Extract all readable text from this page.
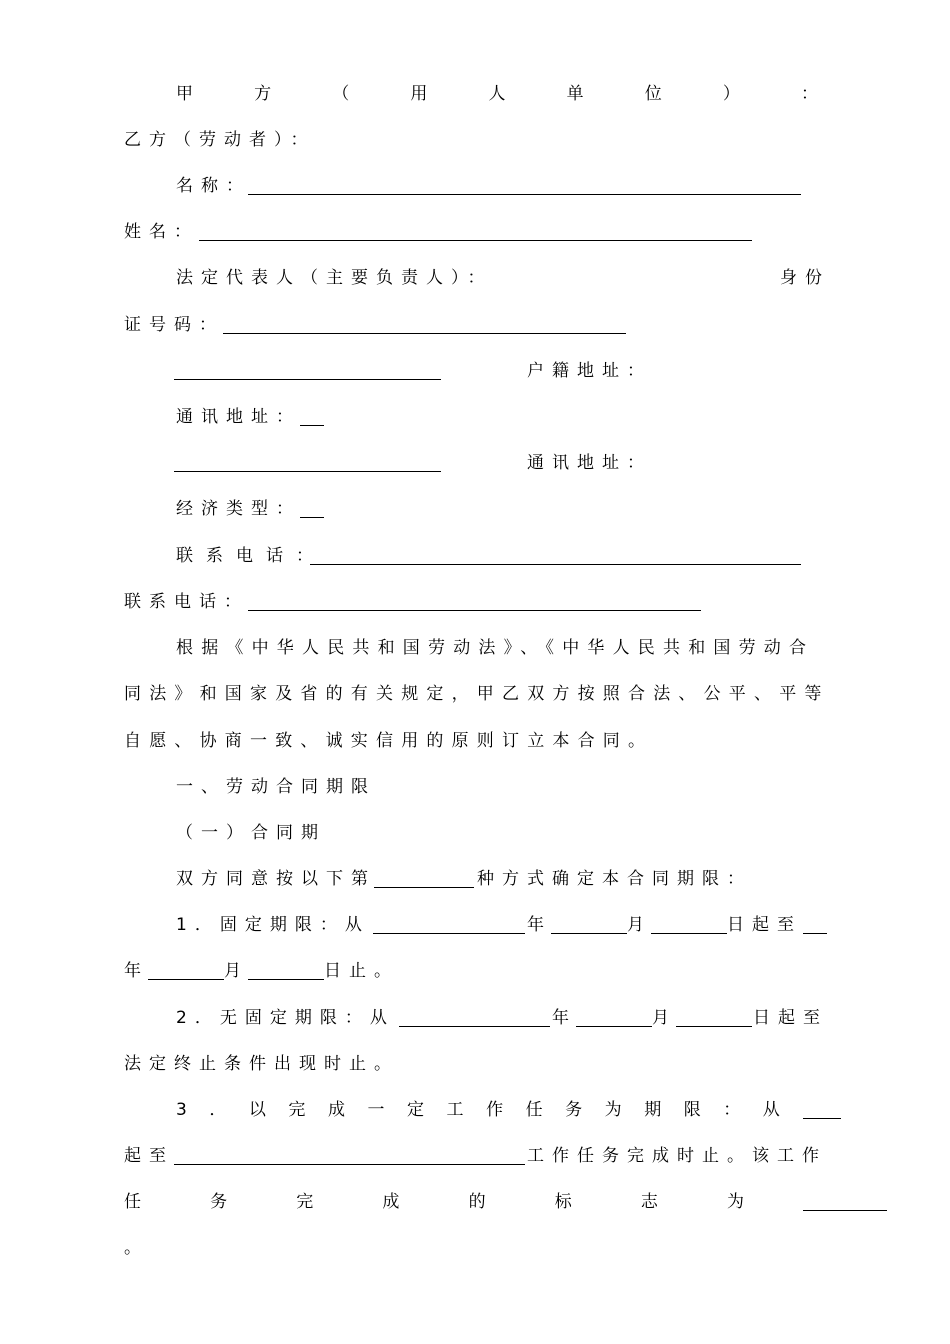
甲	方	（	用	人	单	位	）	：
乙方（劳动者）：
名称：
姓名：
法定代表人（主要负责人）：	身份
证号码：
户籍地址：
通讯地址：
通讯地址：
经济类型：
联系电话：
联系电话：
根据《中华人民共和国劳动法》、《中华人民共和国劳动合
同法》和国家及省的有关规定，甲乙双方按照合法、公平、平等
自愿、协商一致、诚实信用的原则订立本合同。
一、劳动合同期限
（一）合同期
双方同意按以下第	种方式确定本合同期限：
1．固定期限：从	年	月	日起至
年	月	日止。
2．无固定期限：从	年	月	日起至
法定终止条件出现时止。
3 ． 以 完 成 一 定 工 作 任 务 为 期 限 ： 从
起至	工作任务完成时止。该工作
任	务	完	成	的	标	志	为
。
